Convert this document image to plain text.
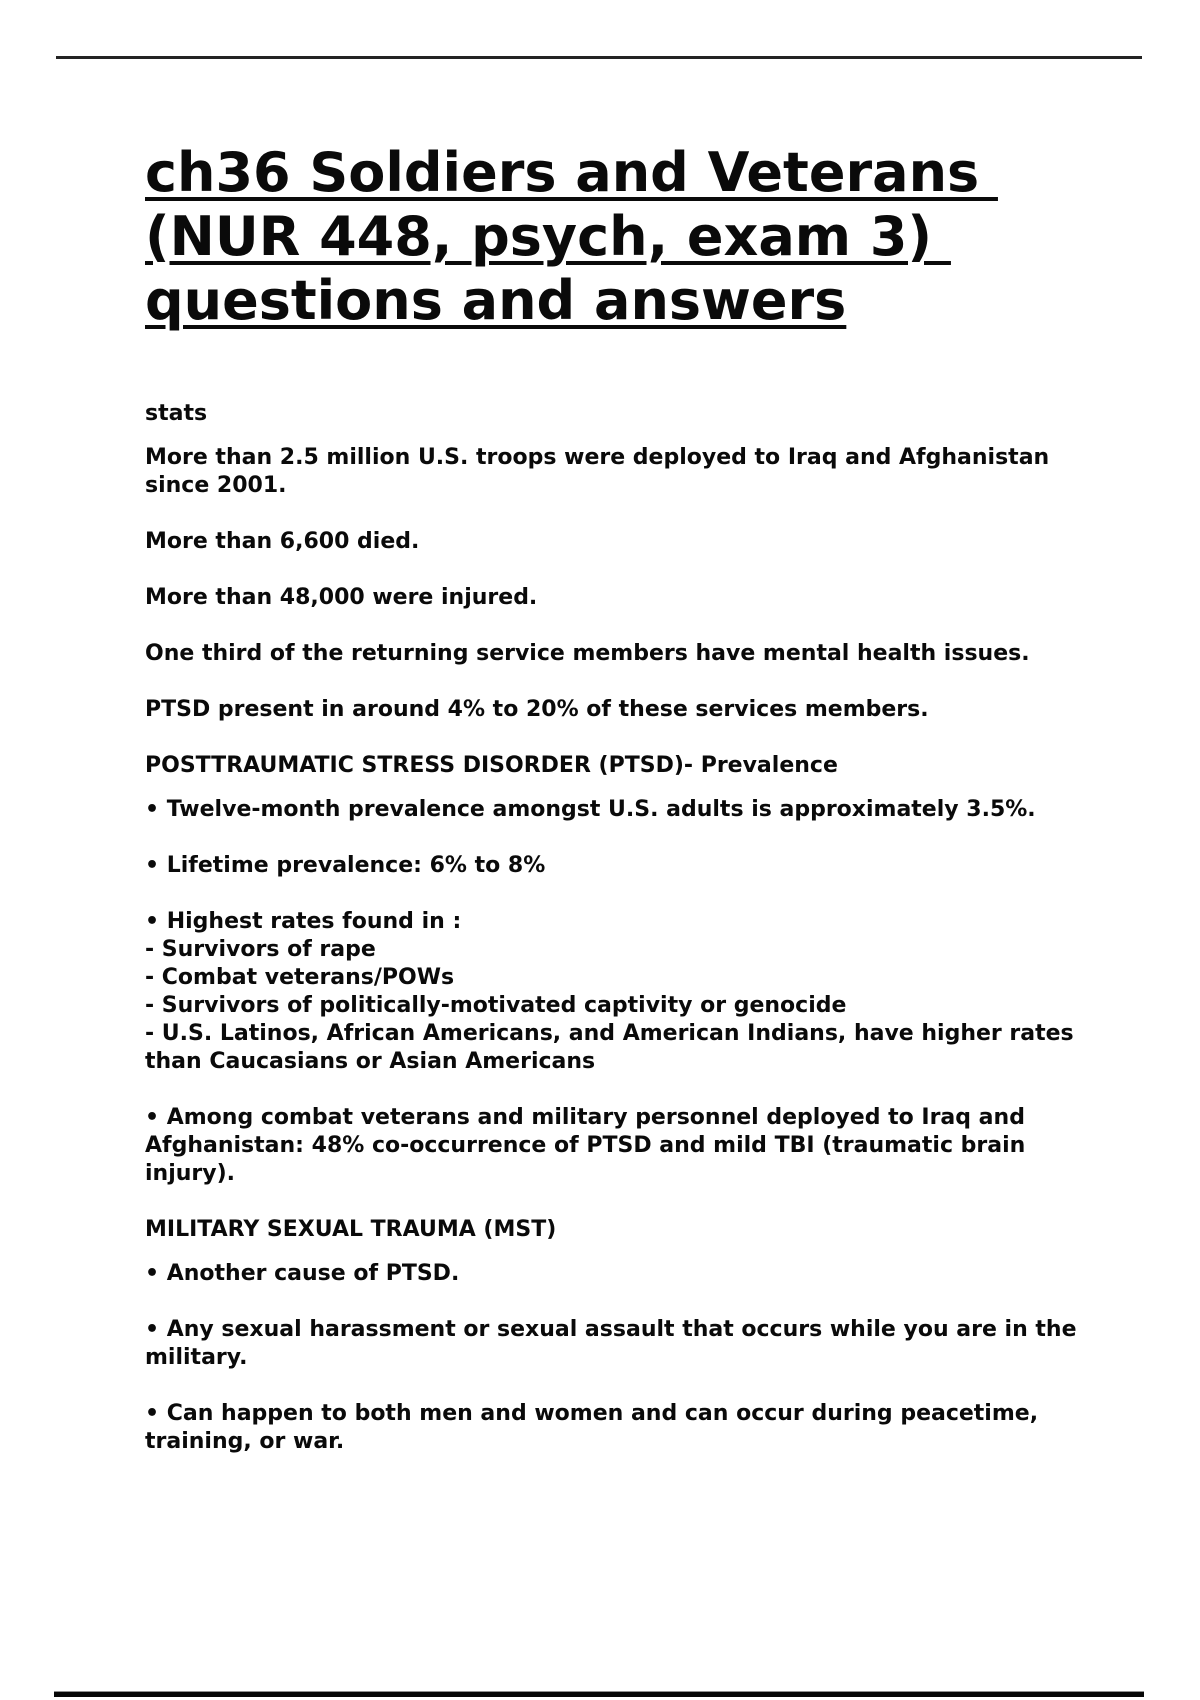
ch36 Soldiers and Veterans
(NUR 448, psych, exam 3)
questions and answers

stats

More than 2.5 million U.S. troops were deployed to Iraq and Afghanistan since 2001.

More than 6,600 died.

More than 48,000 were injured.

One third of the returning service members have mental health issues.

PTSD present in around 4% to 20% of these services members.

POSTTRAUMATIC STRESS DISORDER (PTSD)- Prevalence

• Twelve-month prevalence amongst U.S. adults is approximately 3.5%.

• Lifetime prevalence: 6% to 8%

• Highest rates found in :
- Survivors of rape
- Combat veterans/POWs
- Survivors of politically-motivated captivity or genocide
- U.S. Latinos, African Americans, and American Indians, have higher rates than Caucasians or Asian Americans

• Among combat veterans and military personnel deployed to Iraq and Afghanistan: 48% co-occurrence of PTSD and mild TBI (traumatic brain injury).

MILITARY SEXUAL TRAUMA (MST)

• Another cause of PTSD.

• Any sexual harassment or sexual assault that occurs while you are in the military.

• Can happen to both men and women and can occur during peacetime, training, or war.
